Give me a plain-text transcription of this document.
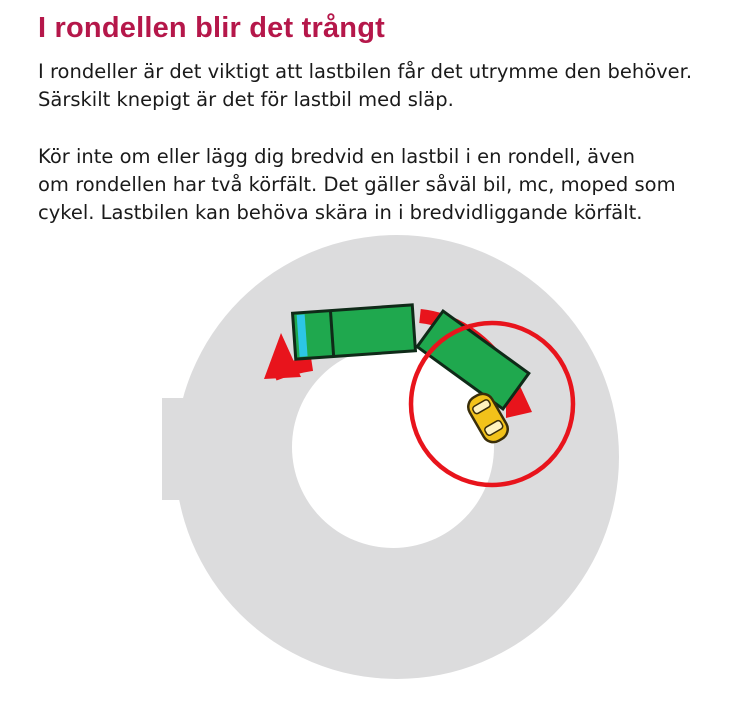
I rondellen blir det trångt

I rondeller är det viktigt att lastbilen får det utrymme den behöver.
Särskilt knepigt är det för lastbil med släp.

Kör inte om eller lägg dig bredvid en lastbil i en rondell, även
om rondellen har två körfält. Det gäller såväl bil, mc, moped som
cykel. Lastbilen kan behöva skära in i bredvidliggande körfält.
